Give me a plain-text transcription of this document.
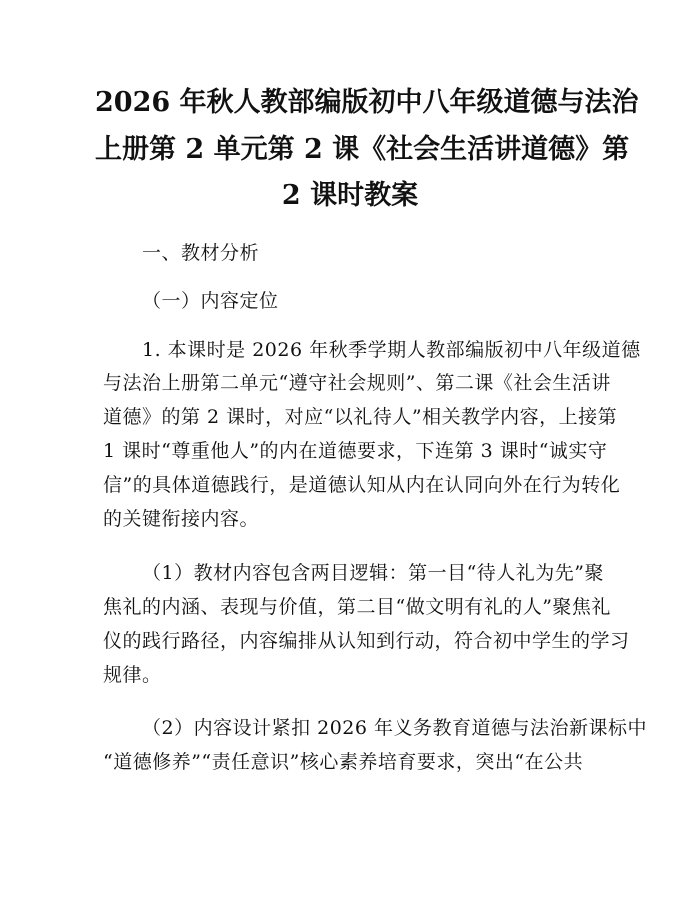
2026 年秋人教部编版初中八年级道德与法治
上册第 2 单元第 2 课《社会生活讲道德》第
2 课时教案
一、教材分析
（一）内容定位
1. 本课时是 2026 年秋季学期人教部编版初中八年级道德
与法治上册第二单元“遵守社会规则”、第二课《社会生活讲
道德》的第 2 课时，对应“以礼待人”相关教学内容，上接第
1 课时“尊重他人”的内在道德要求，下连第 3 课时“诚实守
信”的具体道德践行，是道德认知从内在认同向外在行为转化
的关键衔接内容。
（1）教材内容包含两目逻辑：第一目“待人礼为先”聚
焦礼的内涵、表现与价值，第二目“做文明有礼的人”聚焦礼
仪的践行路径，内容编排从认知到行动，符合初中学生的学习
规律。
（2）内容设计紧扣 2026 年义务教育道德与法治新课标中
“道德修养”“责任意识”核心素养培育要求，突出“在公共
